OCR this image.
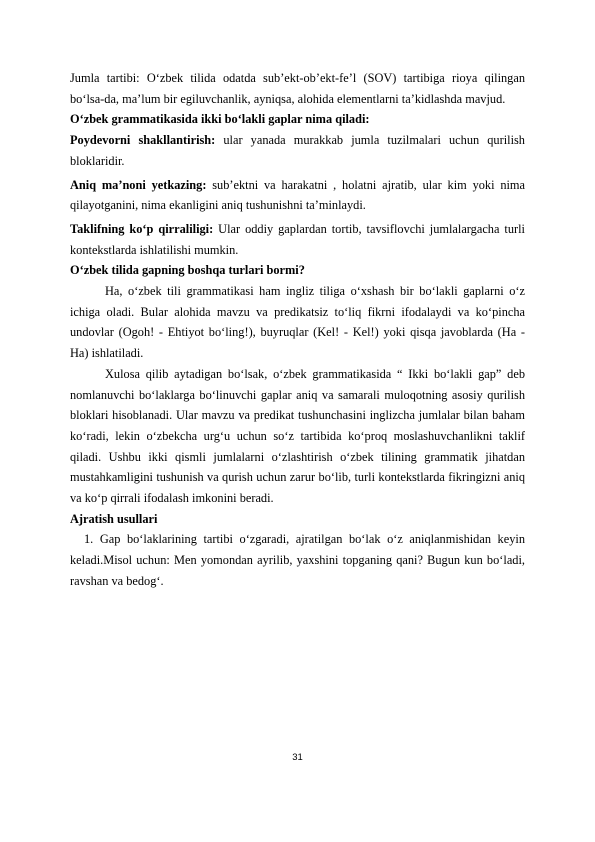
Jumla tartibi: O‘zbek tilida odatda sub’ekt-ob’ekt-fe’l (SOV) tartibiga rioya qilingan bo‘lsa-da, ma’lum bir egiluvchanlik, ayniqsa, alohida elementlarni ta’kidlashda mavjud.

O‘zbek grammatikasida ikki bo‘lakli gaplar nima qiladi:

Poydevorni shakllantirish: ular yanada murakkab jumla tuzilmalari uchun qurilish bloklaridir.

Aniq ma’noni yetkazing: sub’ektni va harakatni , holatni ajratib, ular kim yoki nima qilayotganini, nima ekanligini aniq tushunishni ta’minlaydi.

Taklifning ko‘p qirraliligi: Ular oddiy gaplardan tortib, tavsiflovchi jumlalargacha turli kontekstlarda ishlatilishi mumkin.

O‘zbek tilida gapning boshqa turlari bormi?

Ha, o‘zbek tili grammatikasi ham ingliz tiliga o‘xshash bir bo‘lakli gaplarni o‘z ichiga oladi. Bular alohida mavzu va predikatsiz to‘liq fikrni ifodalaydi va ko‘pincha undovlar (Ogoh! - Ehtiyot bo‘ling!), buyruqlar (Kel! - Kel!) yoki qisqa javoblarda (Ha - Ha) ishlatiladi.

Xulosa qilib aytadigan bo‘lsak, o‘zbek grammatikasida “ Ikki bo‘lakli gap” deb nomlanuvchi bo‘laklarga bo‘linuvchi gaplar aniq va samarali muloqotning asosiy qurilish bloklari hisoblanadi. Ular mavzu va predikat tushunchasini inglizcha jumlalar bilan baham ko‘radi, lekin o‘zbekcha urg‘u uchun so‘z tartibida ko‘proq moslashuvchanlikni taklif qiladi. Ushbu ikki qismli jumlalarni o‘zlashtirish o‘zbek tilining grammatik jihatdan mustahkamligini tushunish va qurish uchun zarur bo‘lib, turli kontekstlarda fikringizni aniq va ko‘p qirrali ifodalash imkonini beradi.

Ajratish usullari

1. Gap bo‘laklarining tartibi o‘zgaradi, ajratilgan bo‘lak o‘z aniqlanmishidan keyin keladi.Misol uchun: Men yomondan ayrilib, yaxshini topganing qani? Bugun kun bo‘ladi, ravshan va bedog‘.

31
